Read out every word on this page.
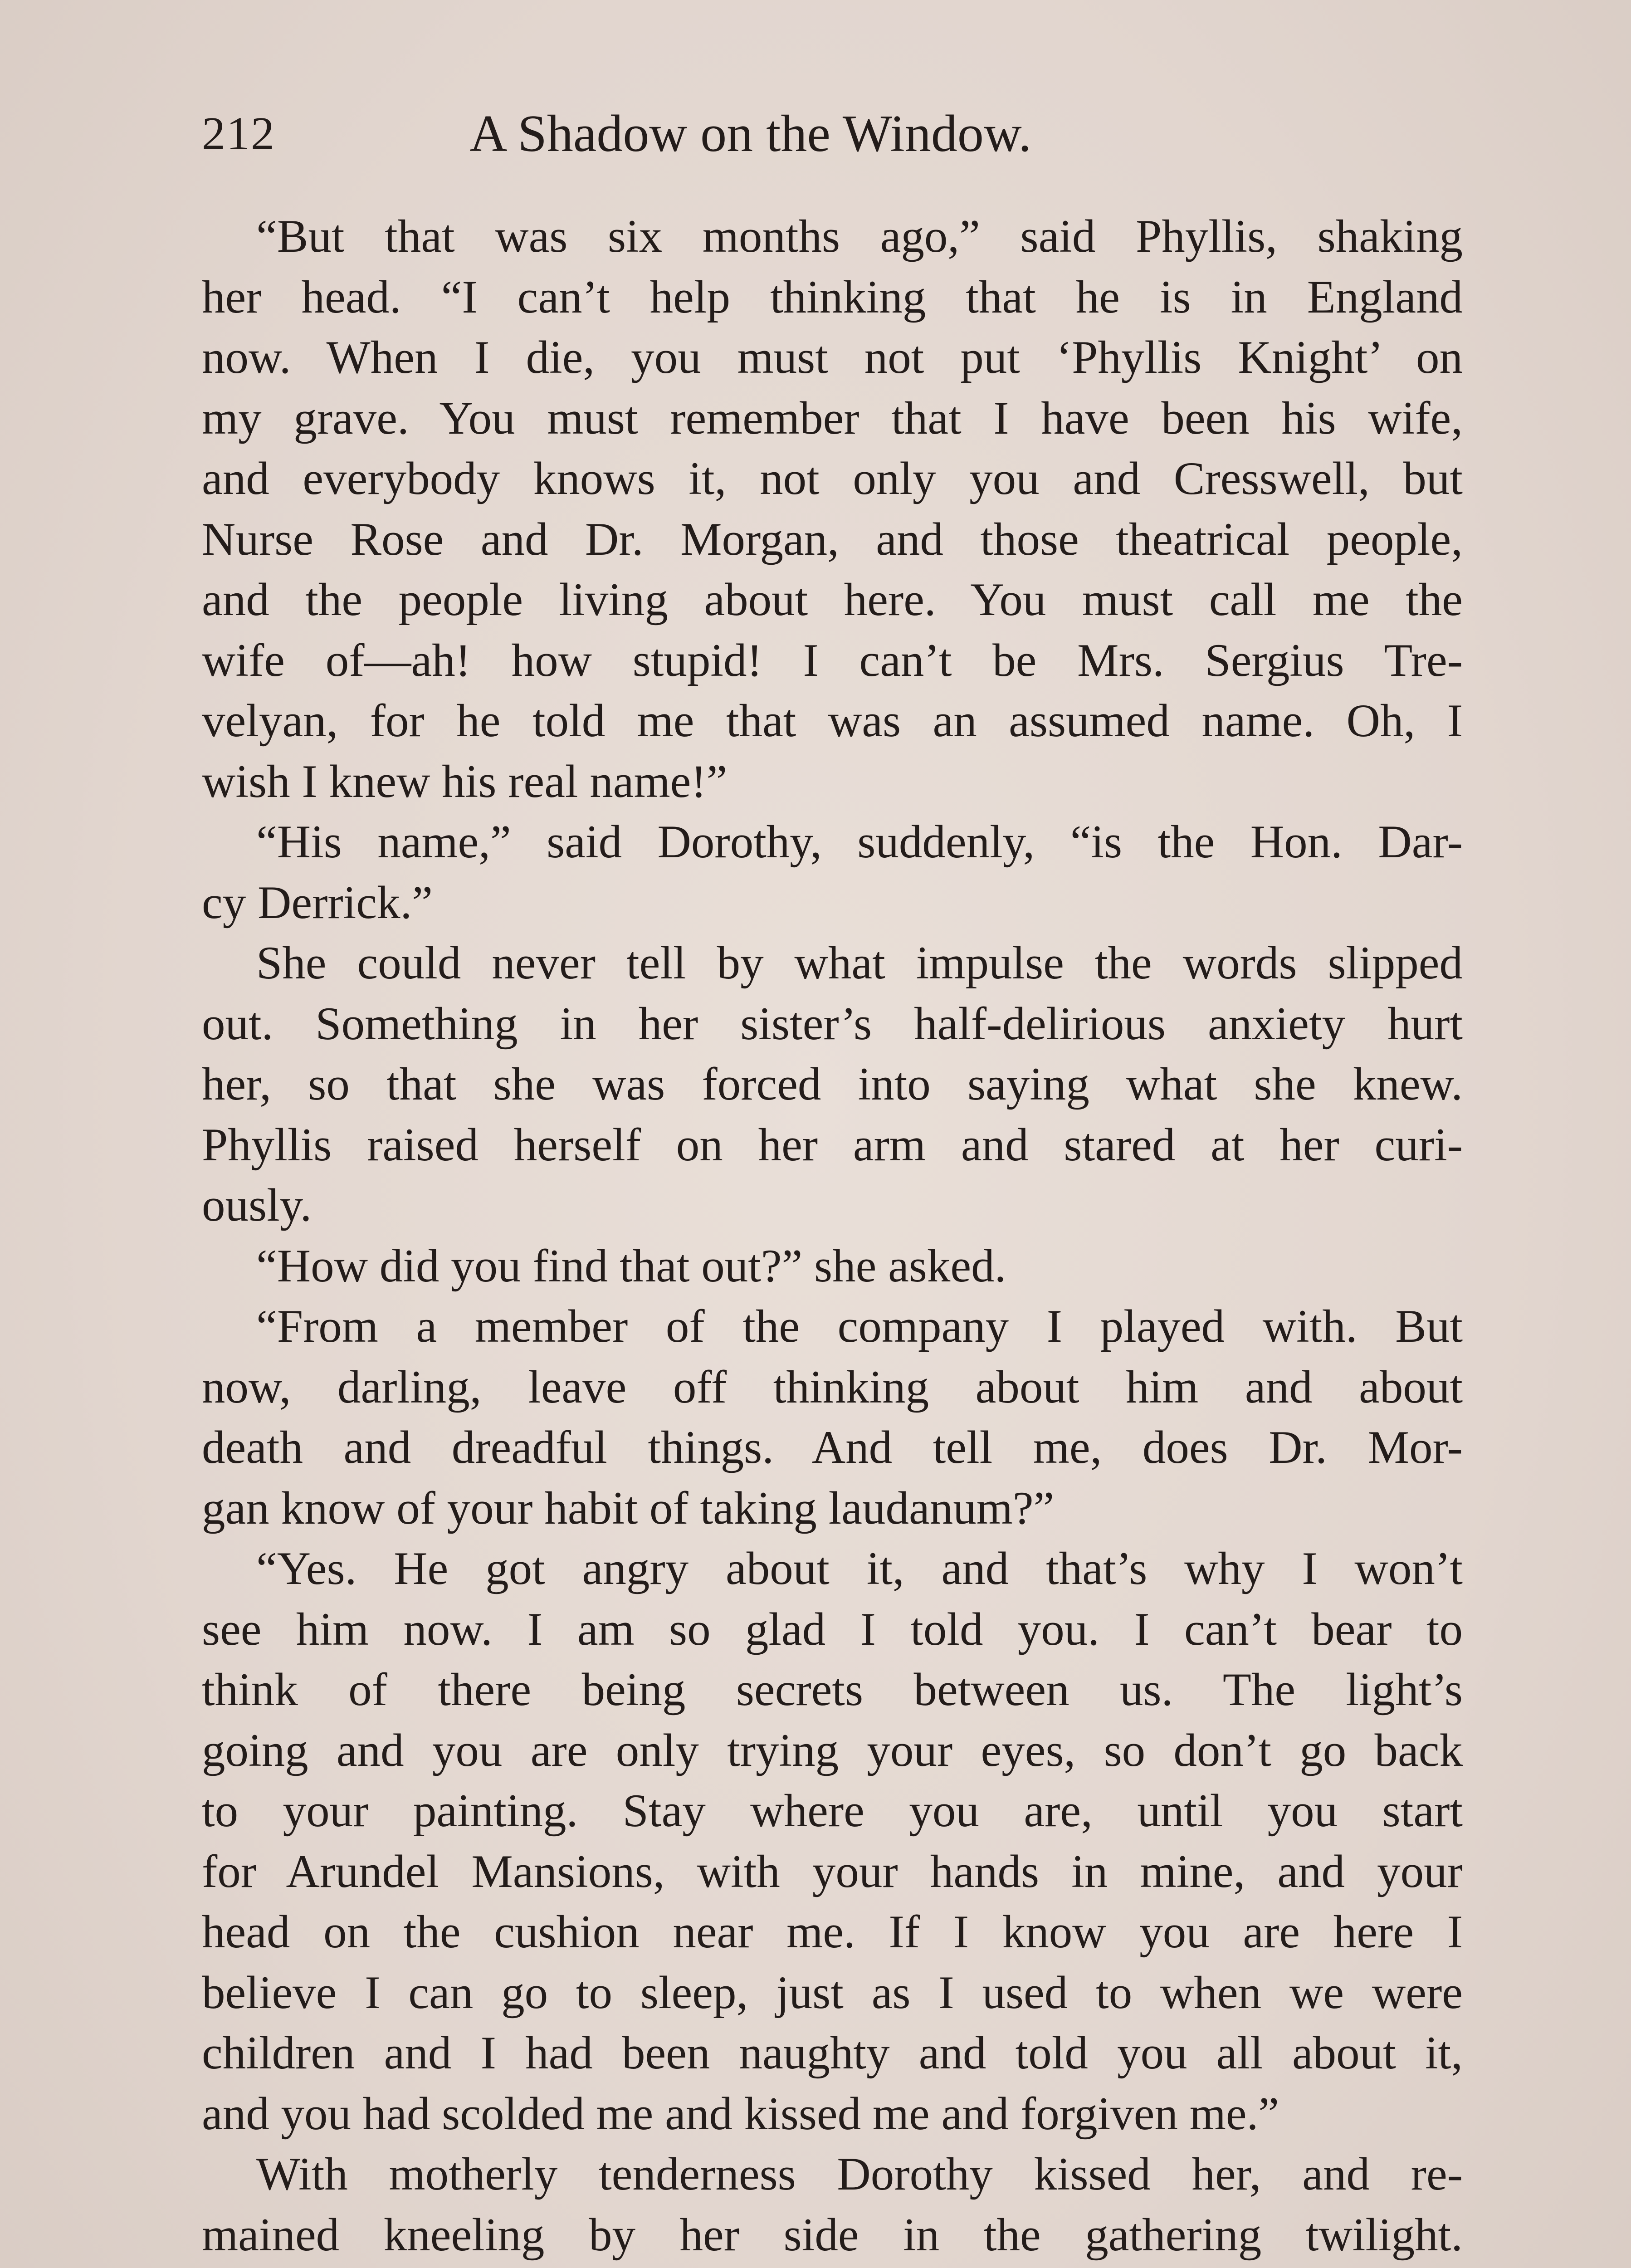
212	A Shadow on the Window.
“But that was six months ago,” said Phyllis, shaking
her head. “I can’t help thinking that he is in England
now. When I die, you must not put ‘Phyllis Knight’ on
my grave. You must remember that I have been his wife,
and everybody knows it, not only you and Cresswell, but
Nurse Rose and Dr. Morgan, and those theatrical people,
and the people living about here. You must call me the
wife of—ah! how stupid! I can’t be Mrs. Sergius Tre-
velyan, for he told me that was an assumed name. Oh, I
wish I knew his real name!”
“His name,” said Dorothy, suddenly, “is the Hon. Dar-
cy Derrick.”
She could never tell by what impulse the words slipped
out. Something in her sister’s half-delirious anxiety hurt
her, so that she was forced into saying what she knew.
Phyllis raised herself on her arm and stared at her curi-
ously.
“How did you find that out?” she asked.
“From a member of the company I played with. But
now, darling, leave off thinking about him and about
death and dreadful things. And tell me, does Dr. Mor-
gan know of your habit of taking laudanum?”
“Yes. He got angry about it, and that’s why I won’t
see him now. I am so glad I told you. I can’t bear to
think of there being secrets between us. The light’s
going and you are only trying your eyes, so don’t go back
to your painting. Stay where you are, until you start
for Arundel Mansions, with your hands in mine, and your
head on the cushion near me. If I know you are here I
believe I can go to sleep, just as I used to when we were
children and I had been naughty and told you all about it,
and you had scolded me and kissed me and forgiven me.”
With motherly tenderness Dorothy kissed her, and re-
mained kneeling by her side in the gathering twilight.
